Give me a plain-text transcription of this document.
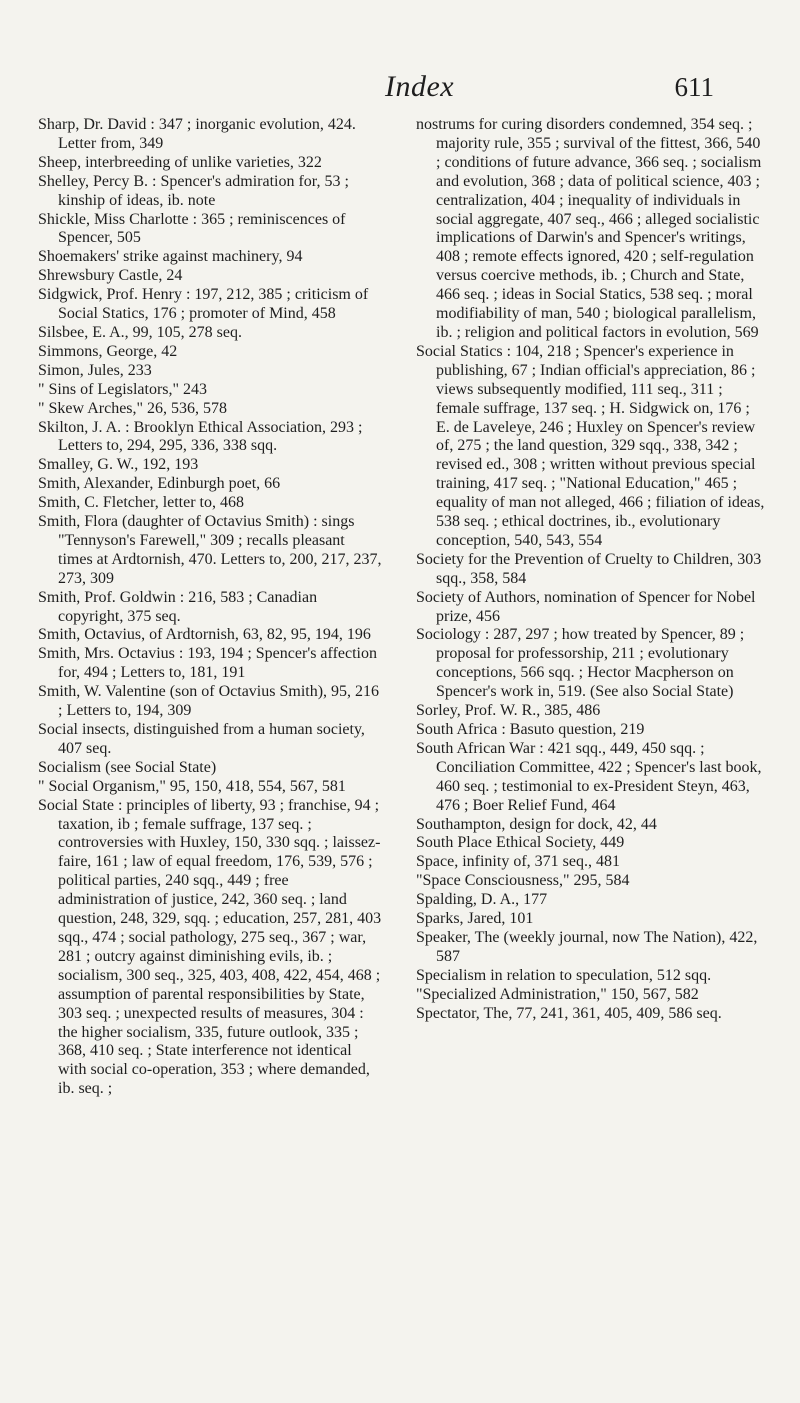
Index	611

Sharp, Dr. David : 347 ; inorganic evolution, 424. Letter from, 349

Sheep, interbreeding of unlike varieties, 322

Shelley, Percy B. : Spencer's admiration for, 53 ; kinship of ideas, ib. note

Shickle, Miss Charlotte : 365 ; reminiscences of Spencer, 505

Shoemakers' strike against machinery, 94

Shrewsbury Castle, 24

Sidgwick, Prof. Henry : 197, 212, 385 ; criticism of Social Statics, 176 ; promoter of Mind, 458

Silsbee, E. A., 99, 105, 278 seq.

Simmons, George, 42

Simon, Jules, 233

" Sins of Legislators," 243

" Skew Arches," 26, 536, 578

Skilton, J. A. : Brooklyn Ethical Association, 293 ; Letters to, 294, 295, 336, 338 sqq.

Smalley, G. W., 192, 193

Smith, Alexander, Edinburgh poet, 66

Smith, C. Fletcher, letter to, 468

Smith, Flora (daughter of Octavius Smith) : sings "Tennyson's Farewell," 309 ; recalls pleasant times at Ardtornish, 470. Letters to, 200, 217, 237, 273, 309

Smith, Prof. Goldwin : 216, 583 ; Canadian copyright, 375 seq.

Smith, Octavius, of Ardtornish, 63, 82, 95, 194, 196

Smith, Mrs. Octavius : 193, 194 ; Spencer's affection for, 494 ; Letters to, 181, 191

Smith, W. Valentine (son of Octavius Smith), 95, 216 ; Letters to, 194, 309

Social insects, distinguished from a human society, 407 seq.

Socialism (see Social State)

" Social Organism," 95, 150, 418, 554, 567, 581

Social State : principles of liberty, 93 ; franchise, 94 ; taxation, ib ; female suffrage, 137 seq. ; controversies with Huxley, 150, 330 sqq. ; laissez-faire, 161 ; law of equal freedom, 176, 539, 576 ; political parties, 240 sqq., 449 ; free administration of justice, 242, 360 seq. ; land question, 248, 329, sqq. ; education, 257, 281, 403 sqq., 474 ; social pathology, 275 seq., 367 ; war, 281 ; outcry against diminishing evils, ib. ; socialism, 300 seq., 325, 403, 408, 422, 454, 468 ; assumption of parental responsibilities by State, 303 seq. ; unexpected results of measures, 304 : the higher socialism, 335, future outlook, 335 ; 368, 410 seq. ; State interference not identical with social co-operation, 353 ; where demanded, ib. seq. ;

nostrums for curing disorders condemned, 354 seq. ; majority rule, 355 ; survival of the fittest, 366, 540 ; conditions of future advance, 366 seq. ; socialism and evolution, 368 ; data of political science, 403 ; centralization, 404 ; inequality of individuals in social aggregate, 407 seq., 466 ; alleged socialistic implications of Darwin's and Spencer's writings, 408 ; remote effects ignored, 420 ; self-regulation versus coercive methods, ib. ; Church and State, 466 seq. ; ideas in Social Statics, 538 seq. ; moral modifiability of man, 540 ; biological parallelism, ib. ; religion and political factors in evolution, 569

Social Statics : 104, 218 ; Spencer's experience in publishing, 67 ; Indian official's appreciation, 86 ; views subsequently modified, 111 seq., 311 ; female suffrage, 137 seq. ; H. Sidgwick on, 176 ; E. de Laveleye, 246 ; Huxley on Spencer's review of, 275 ; the land question, 329 sqq., 338, 342 ; revised ed., 308 ; written without previous special training, 417 seq. ; "National Education," 465 ; equality of man not alleged, 466 ; filiation of ideas, 538 seq. ; ethical doctrines, ib., evolutionary conception, 540, 543, 554

Society for the Prevention of Cruelty to Children, 303 sqq., 358, 584

Society of Authors, nomination of Spencer for Nobel prize, 456

Sociology : 287, 297 ; how treated by Spencer, 89 ; proposal for professorship, 211 ; evolutionary conceptions, 566 sqq. ; Hector Macpherson on Spencer's work in, 519. (See also Social State)

Sorley, Prof. W. R., 385, 486

South Africa : Basuto question, 219

South African War : 421 sqq., 449, 450 sqq. ; Conciliation Committee, 422 ; Spencer's last book, 460 seq. ; testimonial to ex-President Steyn, 463, 476 ; Boer Relief Fund, 464

Southampton, design for dock, 42, 44

South Place Ethical Society, 449

Space, infinity of, 371 seq., 481

"Space Consciousness," 295, 584

Spalding, D. A., 177

Sparks, Jared, 101

Speaker, The (weekly journal, now The Nation), 422, 587

Specialism in relation to speculation, 512 sqq.

"Specialized Administration," 150, 567, 582

Spectator, The, 77, 241, 361, 405, 409, 586 seq.
